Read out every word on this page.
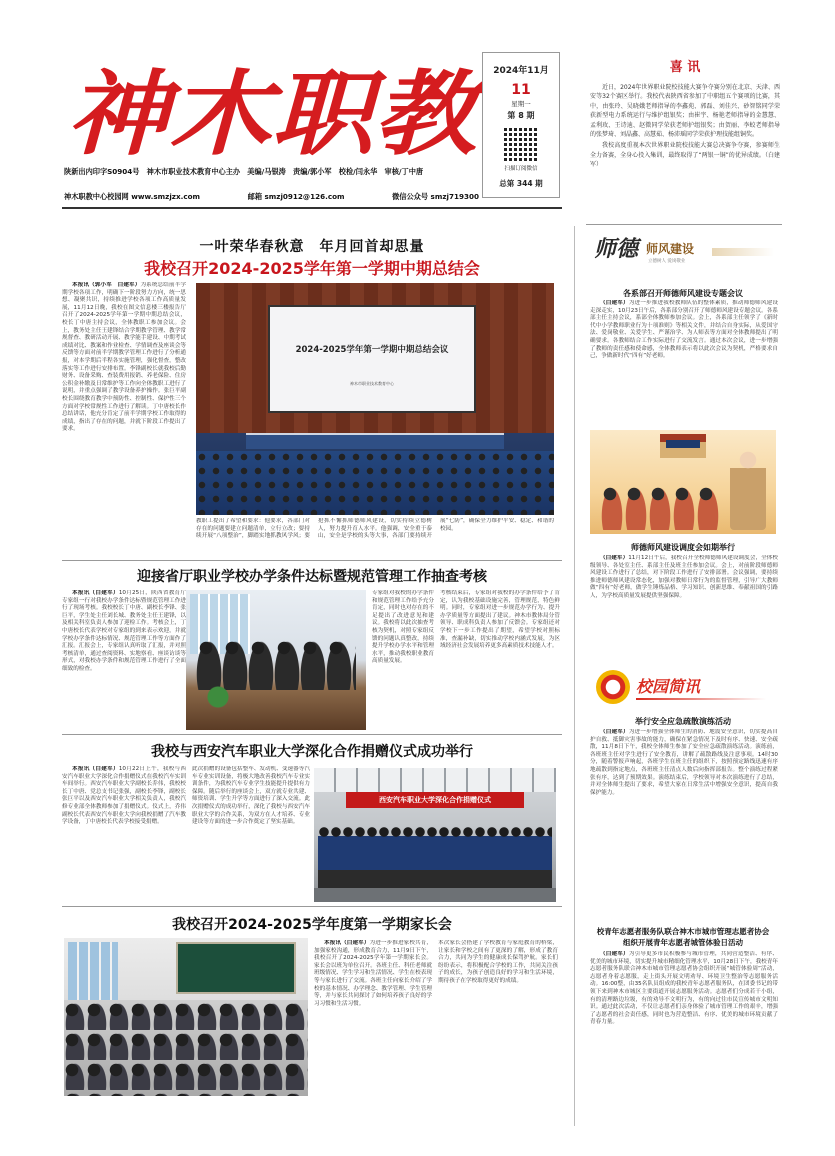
神木职教 2024年11月
11
星期一
第 8 期
扫描订阅微信
总第 344 期
陕新出内印字S0904号　神木市职业技术教育中心主办　美编/马银涛　责编/郭小军　校检/闫永华　审核/丁中唐
神木职教中心校园网 www.smzjzx.com	邮箱 smzj0912@126.com	微信公众号 smzj719300
喜 讯
近日，2024年世界职业院校技能大赛争夺赛分别在北京、天津、西安等32个赛区举行。我校代表陕西省参加了中职组五个赛项的比赛，其中，由张玲、吴晓娥老师指导的李鑫苑、郭磊、刘佳兴、砂智铭同学荣获新型电力系统运行与维护组银奖；由崔宇、杨艳老师指导的金慧慧、孟利玫、王诗迪、赵微同学荣获老师护组银奖；由贺丽、李蛟老师指导的张梦琦、刘晶鑫、高慧茹、杨沛瑶同学荣获护理技能组铜奖。
我校高度重视本次世界职业院校技能大赛总决赛争夺赛，参赛师生全力备赛，全身心投入集训，最终取得了“两银一铜”的优异成绩。（白建军）
一叶荣华春秋意　年月回首却思量
我校召开2024-2025学年第一学期中期总结会
本报讯（郭小军　白建军）为系统总结前半学期学校各项工作，明确下一阶段努力方向，统一思想、凝聚共识，持续推进学校各项工作高质量发展，11月12日晚，我校在图文信息楼三楼报告厅召开了2024-2025学年第一学期中期总结会议，校长丁中唐主持会议，全体教职工参加会议。会上，教务处主任王建锋结合学期教学管理、教学常规督查、教研活动开展、教学能手建设、中期考试成绩对比、教案和作业检查、学情调查及座谈会等反馈等方面对前半学期教学管理工作进行了分析通报，对本学期后半程各实施管理，强化督查，整改落实等工作进行安排布置。李锋副校长就我校后勤财务、设备采购、查装费用报销、养老保险、住房公积金补缴及日常维护等工作向全体教职工进行了说明，并重点强调了教学设备养护操作。张巨平副校长围绕教育教学中预防性、控制性、保护性三个方面对学校常规性工作进行了解读。丁中唐校长作总结讲话，他充分肯定了前半学期学校工作取得的成绩，指出了存在的问题，并就下阶段工作提出了要求。
2024-2025学年第一学期中期总结会议
神木市职业技术教育中心
教职工提出了希望和要求：他要求，各部门对存在的问题要建立问题清单，立行立改；要持续开展“八项整治”，脚踏实地抓教风学风；要抢抓不懈抓师德师风建设，切实持续立德树人，努力提升育人水平。他强调，安全重于泰山，安全是学校的头等大事，各部门要持续开展“七防”，确保全力维护平安、稳定、和谐的校园。
迎接省厅职业学校办学条件达标暨规范管理工作抽查考核
本报讯（白建军）10月25日，陕西省教育厅专家组一行对我校办学条件达标暨规范管理工作进行了现场考核。我校校长丁中唐、副校长李锋、张巨平，学生处主任刘长城、教务处主任王建锋，以及相关科室负责人参加了迎检工作。考核会上，丁中唐校长代表学校对专家组的到来表示欢迎，并就学校办学条件达标情况、规范管理工作等方面作了汇报。汇报会上，专家组认真听取了汇报，并对照考核清单，通过查阅资料、实地察看、座谈访谈等形式，对我校办学条件和规范管理工作进行了全面细致的检查。
专家组对我校的办学条件和规范管理工作给予充分肯定，同时也对存在的不足提出了改进意见和建议。我校将以此次抽查考核为契机，对照专家组反馈的问题认真整改，持续提升学校办学水平和管理水平，推动我校职业教育高质量发展。
考核结束后，专家组对我校的办学条件给予了肯定，认为我校基础设施完善，管理规范，特色鲜明。同时，专家组对进一步规范办学行为、提升办学质量等方面提出了建议。神木市教体局分管领导、职成科负责人参加了反馈会。专家组还对学校下一步工作提出了期望，希望学校对照标准，查漏补缺，切实推动学校内涵式发展，为区域经济社会发展培养更多高素质技术技能人才。
我校与西安汽车职业大学深化合作捐赠仪式成功举行
本报讯（白建军）10月22日上午，我校与西安汽车职业大学深化合作捐赠仪式在我校汽车实训车间举行。西安汽车职业大学副校长乔伟，我校校长丁中唐、党总支书记张强，副校长李锋，副校长张巨平以及西安汽车职业大学相关负责人，我校汽修专业部全体教师参加了捐赠仪式。仪式上，乔伟副校长代表西安汽车职业大学向我校捐赠了汽车教学设备，丁中唐校长代表学校接受捐赠。
此次捐赠的设备包括整车、发动机、变速器等汽车专业实训设备，将极大地改善我校汽车专业实训条件，为我校汽车专业学生技能提升提供有力保障。随后举行的座谈会上，双方就专业共建、师资培训、学生升学等方面进行了深入交流。此次捐赠仪式的成功举行，深化了我校与西安汽车职业大学的合作关系，为双方在人才培养、专业建设等方面的进一步合作奠定了坚实基础。
西安汽车职业大学深化合作捐赠仪式
我校召开2024-2025学年度第一学期家长会
本报讯（白建军）为进一步推进家校共育，加强家校沟通，形成教育合力，11月9日下午，我校召开了2024-2025学年第一学期家长会。家长会以班为单位召开。各班主任、科任老师就班级情况、学生学习和生活情况、学生在校表现等与家长进行了交流。各班主任向家长介绍了学校的基本情况、办学理念、教学管理、学生管理等，并与家长共同探讨了如何培养孩子良好的学习习惯和生活习惯。
本次家长会搭建了学校教育与家庭教育的桥梁，让家长和学校之间有了更深的了解，形成了教育合力，共同为学生的健康成长保驾护航。家长们纷纷表示，将积极配合学校的工作，共同关注孩子的成长，为孩子创造良好的学习和生活环境，期待孩子在学校取得更好的成绩。
师德 师风建设
立德树人 爱岗敬业
各系部召开师德师风建设专题会议
（白建军）为进一步推进我校教师队伍的整体素质，推动师德师风建设走深走实，10月23日午后，各系部分别召开了师德师风建设专题会议。各系部主任主持会议，系部全体教师参加会议。会上，各系部主任领学了《新时代中小学教师职业行为十项准则》等相关文件，并结合自身实际，从爱国守法、爱岗敬业、关爱学生、严谨治学、为人师表等方面对全体教师提出了明确要求。各教师结合工作实际进行了交流发言。通过本次会议，进一步增强了教师的责任感和使命感，全体教师表示将以此次会议为契机，严格要求自己，争做新时代“四有”好老师。
师德师风建设调度会如期举行
（白建军）11月12日午后，我校召开全校师德师风建设调度会，全体校级领导、各处室主任、系部主任及班主任参加会议。会上，对前阶段师德师风建设工作进行了总结，对下阶段工作进行了安排部署。会议强调，要持续推进师德师风建设常态化，加强对教师日常行为的监督管理，引导广大教师做“四有”好老师，做学生锤炼品格、学习知识、创新思维、奉献祖国的引路人，为学校高质量发展提供坚强保障。
校园简讯
举行安全应急疏散演练活动
（白建军）为进一步增强全体师生的消防、地震安全意识，切实提高自护自救、抵御灾害事故的能力，确保在紧急情况下及时有序、快速、安全疏散，11月8日下午，我校全体师生参加了安全应急疏散演练活动。演练前，各班班主任对学生进行了安全教育，讲解了疏散路线及注意事项。14时30分，随着警报声响起，各班学生在班主任的组织下，按照预定路线迅速有序地疏散到指定地点，各班班主任清点人数后向指挥部报告。整个演练过程紧张有序，达到了预期效果。演练结束后，学校领导对本次演练进行了总结，并对全体师生提出了要求，希望大家在日常生活中增强安全意识，提高自我保护能力。
校青年志愿者服务队联合神木市城市管理志愿者协会
组织开展青年志愿者城管体验日活动
（白建军）为引导更多市民积极参与城市管理，共同营造整洁、有序、优美的城市环境，切实提升城市精细化管理水平，10月28日下午，我校青年志愿者服务队联合神木市城市管理志愿者协会组织开展“城管体验周”活动，志愿者身着志愿服，走上街头开展文明劝导、环境卫生整治等志愿服务活动。16:00整，由35名队员组成的我校青年志愿者服务队，在团委书记的带领下来到神木市城区主要街道开展志愿服务活动。志愿者们分成若干小组，有的清理路边垃圾，有的劝导不文明行为，有的向过往市民宣传城市文明知识。通过此次活动，不仅让志愿者们亲身体验了城市管理工作的艰辛，增强了志愿者的社会责任感，同时也为营造整洁、有序、优美的城市环境贡献了青春力量。
